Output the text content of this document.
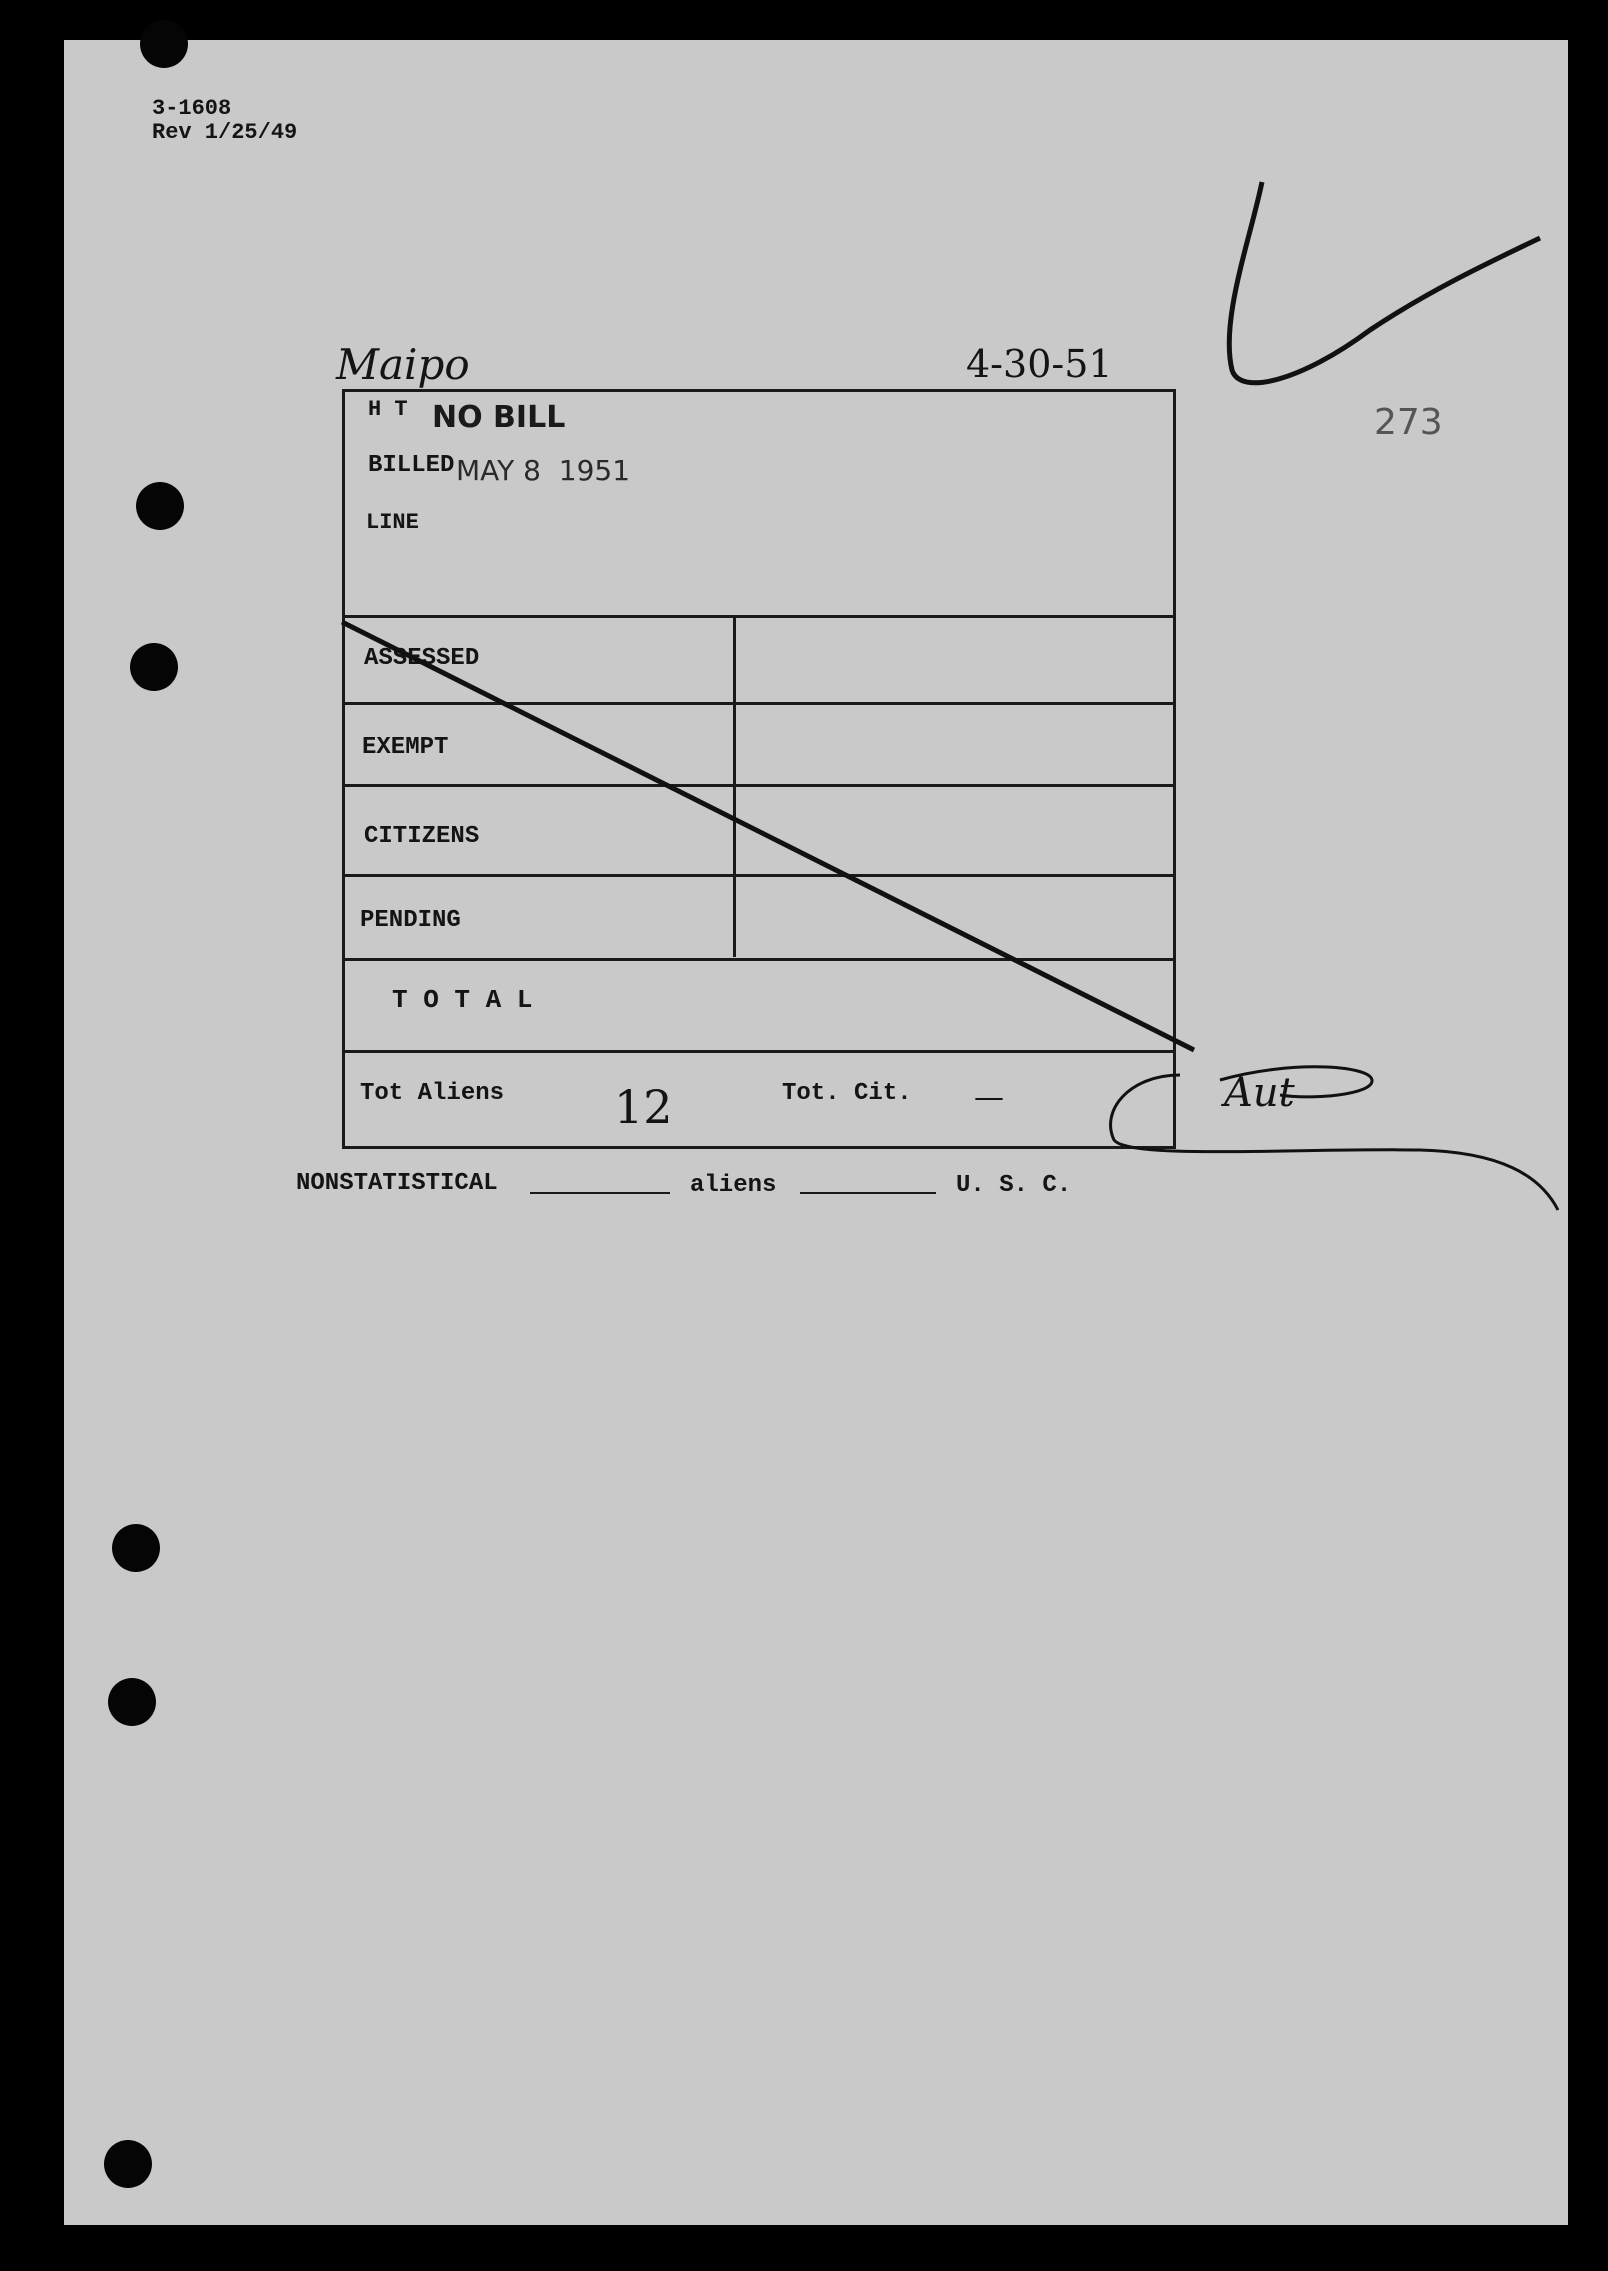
3-1608
Rev 1/25/49
Maipo	4-30-51
273
H T NO BILL
BILLED MAY 8  1951
LINE
ASSESSED
EXEMPT
CITIZENS
PENDING
T O T A L
Tot Aliens 12	Tot. Cit. —	Aut
NONSTATISTICAL	aliens	U. S. C.
